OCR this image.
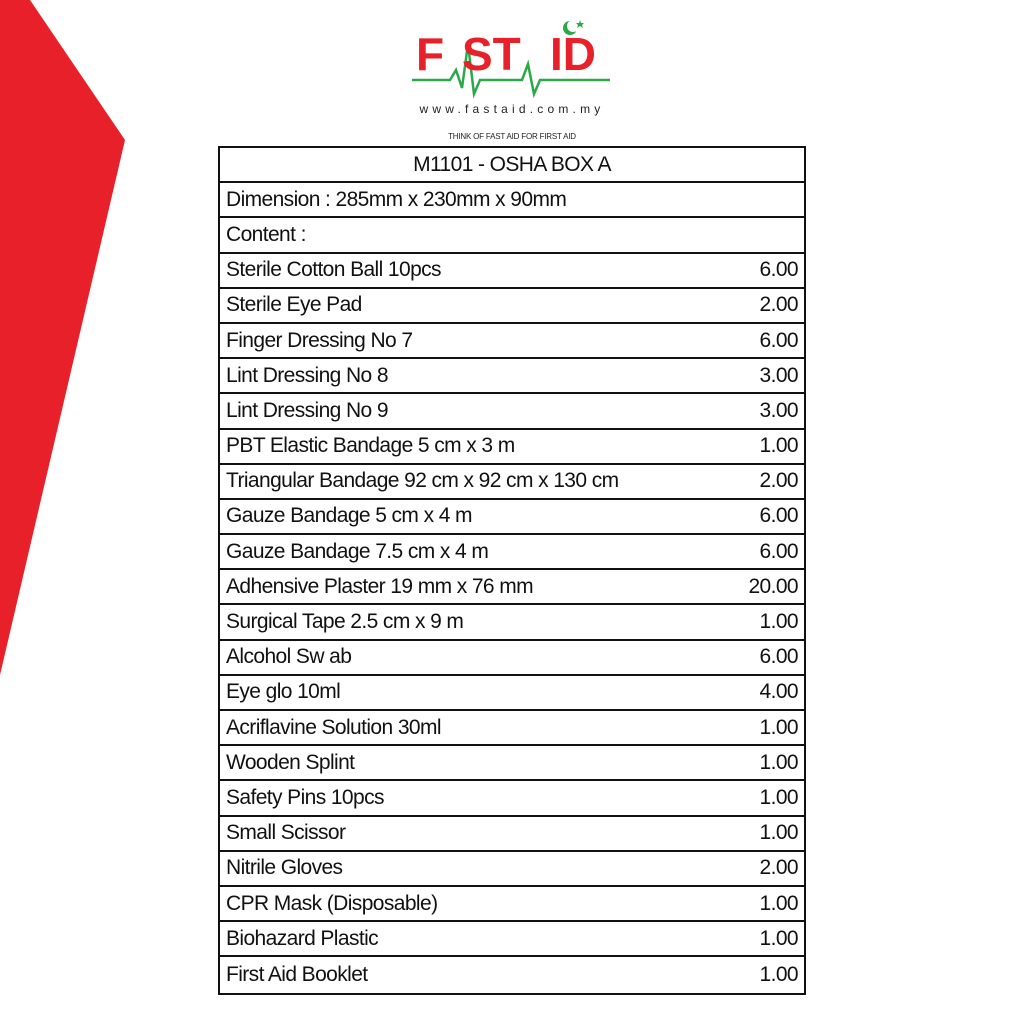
F ST ID
www.fastaid.com.my
THINK OF FAST AID FOR FIRST AID
M1101 - OSHA BOX A
Dimension : 285mm x 230mm x 90mm
Content :
Sterile Cotton Ball 10pcs	6.00
Sterile Eye Pad	2.00
Finger Dressing No 7	6.00
Lint Dressing No 8	3.00
Lint Dressing No 9	3.00
PBT Elastic Bandage 5 cm x 3 m	1.00
Triangular Bandage 92 cm x 92 cm x 130 cm	2.00
Gauze Bandage 5 cm x 4 m	6.00
Gauze Bandage 7.5 cm x 4 m	6.00
Adhensive Plaster 19 mm x 76 mm	20.00
Surgical Tape 2.5 cm x 9 m	1.00
Alcohol Sw ab	6.00
Eye glo 10ml	4.00
Acriflavine Solution 30ml	1.00
Wooden Splint	1.00
Safety Pins 10pcs	1.00
Small Scissor	1.00
Nitrile Gloves	2.00
CPR Mask (Disposable)	1.00
Biohazard Plastic	1.00
First Aid Booklet	1.00
